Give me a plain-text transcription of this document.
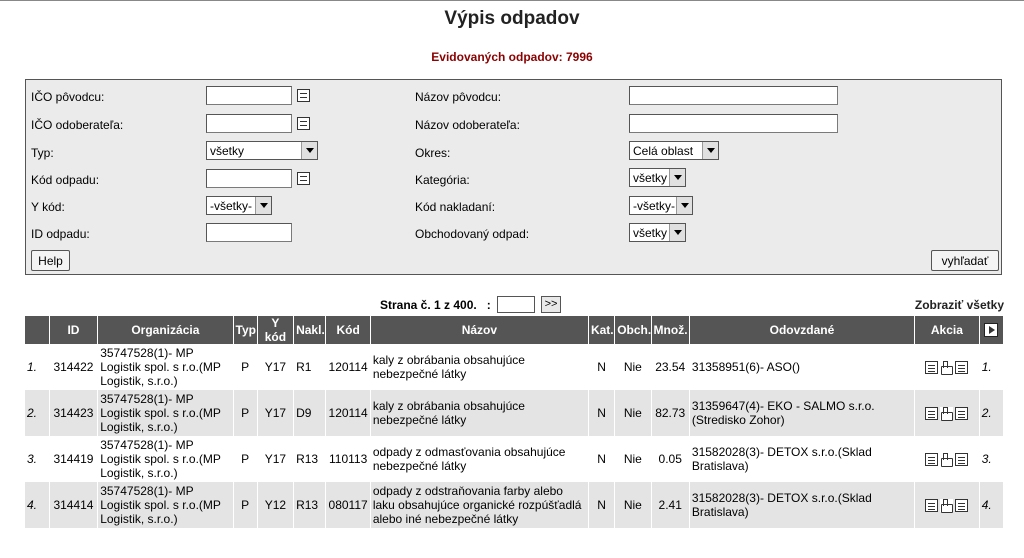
Výpis odpadov
Evidovaných odpadov: 7996
IČO pôvodcu:
IČO odoberateľa:
Typ:	všetky
Kód odpadu:
Y kód:	-všetky-
ID odpadu:
Názov pôvodcu:
Názov odoberateľa:
Okres:	Celá oblast
Kategória:	všetky
Kód nakladaní:	-všetky-
Obchodovaný odpad:	všetky
Help	vyhľadať
Strana č. 1 z 400. :	>>	Zobraziť všetky
	ID	Organizácia	Typ	Y kód	Nakl.	Kód	Názov	Kat.	Obch.	Množ.	Odovzdané	Akcia	
1.	314422	35747528(1)- MP Logistik spol. s r.o.(MP Logistik, s.r.o.)	P	Y17	R1	120114	kaly z obrábania obsahujúce nebezpečné látky	N	Nie	23.54	31358951(6)- ASO()		1.
2.	314423	35747528(1)- MP Logistik spol. s r.o.(MP Logistik, s.r.o.)	P	Y17	D9	120114	kaly z obrábania obsahujúce nebezpečné látky	N	Nie	82.73	31359647(4)- EKO - SALMO s.r.o.(Stredisko Zohor)		2.
3.	314419	35747528(1)- MP Logistik spol. s r.o.(MP Logistik, s.r.o.)	P	Y17	R13	110113	odpady z odmasťovania obsahujúce nebezpečné látky	N	Nie	0.05	31582028(3)- DETOX s.r.o.(Sklad Bratislava)		3.
4.	314414	35747528(1)- MP Logistik spol. s r.o.(MP Logistik, s.r.o.)	P	Y12	R13	080117	odpady z odstraňovania farby alebo laku obsahujúce organické rozpúšťadlá alebo iné nebezpečné látky	N	Nie	2.41	31582028(3)- DETOX s.r.o.(Sklad Bratislava)		4.
